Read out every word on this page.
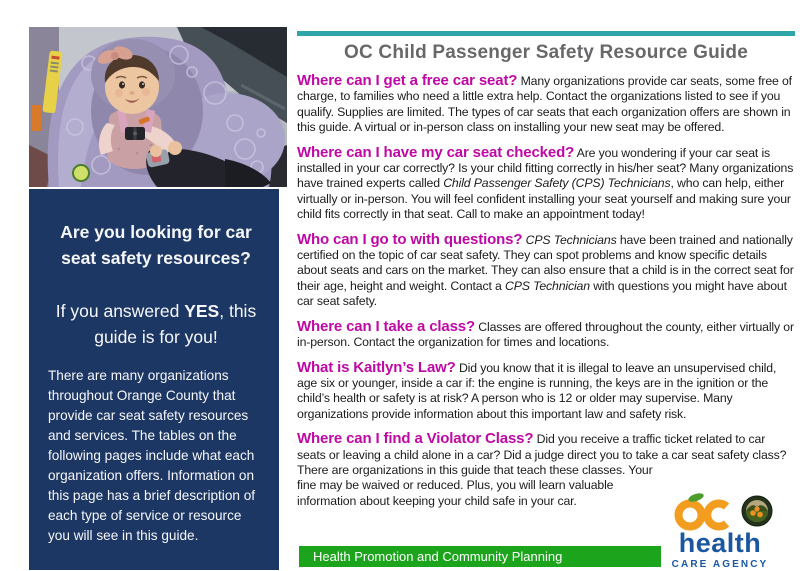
Are you looking for car seat safety resources?
If you answered YES, this guide is for you!
There are many organizations throughout Orange County that provide car seat safety resources and services. The tables on the following pages include what each organization offers. Information on this page has a brief description of each type of service or resource you will see in this guide.
OC Child Passenger Safety Resource Guide

Where can I get a free car seat? Many organizations provide car seats, some free of charge, to families who need a little extra help. Contact the organizations listed to see if you qualify. Supplies are limited. The types of car seats that each organization offers are shown in this guide. A virtual or in-person class on installing your new seat may be offered.

Where can I have my car seat checked? Are you wondering if your car seat is installed in your car correctly? Is your child fitting correctly in his/her seat? Many organizations have trained experts called Child Passenger Safety (CPS) Technicians, who can help, either virtually or in-person. You will feel confident installing your seat yourself and making sure your child fits correctly in that seat. Call to make an appointment today!

Who can I go to with questions? CPS Technicians have been trained and nationally certified on the topic of car seat safety. They can spot problems and know specific details about seats and cars on the market. They can also ensure that a child is in the correct seat for their age, height and weight. Contact a CPS Technician with questions you might have about car seat safety.

Where can I take a class? Classes are offered throughout the county, either virtually or in-person. Contact the organization for times and locations.

What is Kaitlyn’s Law? Did you know that it is illegal to leave an unsupervised child, age six or younger, inside a car if: the engine is running, the keys are in the ignition or the child’s health or safety is at risk? A person who is 12 or older may supervise. Many organizations provide information about this important law and safety risk.

Where can I find a Violator Class? Did you receive a traffic ticket related to car seats or leaving a child alone in a car? Did a judge direct you to take a car seat safety class?
There are organizations in this guide that teach these classes. Your fine may be waived or reduced. Plus, you will learn valuable information about keeping your child safe in your car.

Health Promotion and Community Planning	health
CARE AGENCY
